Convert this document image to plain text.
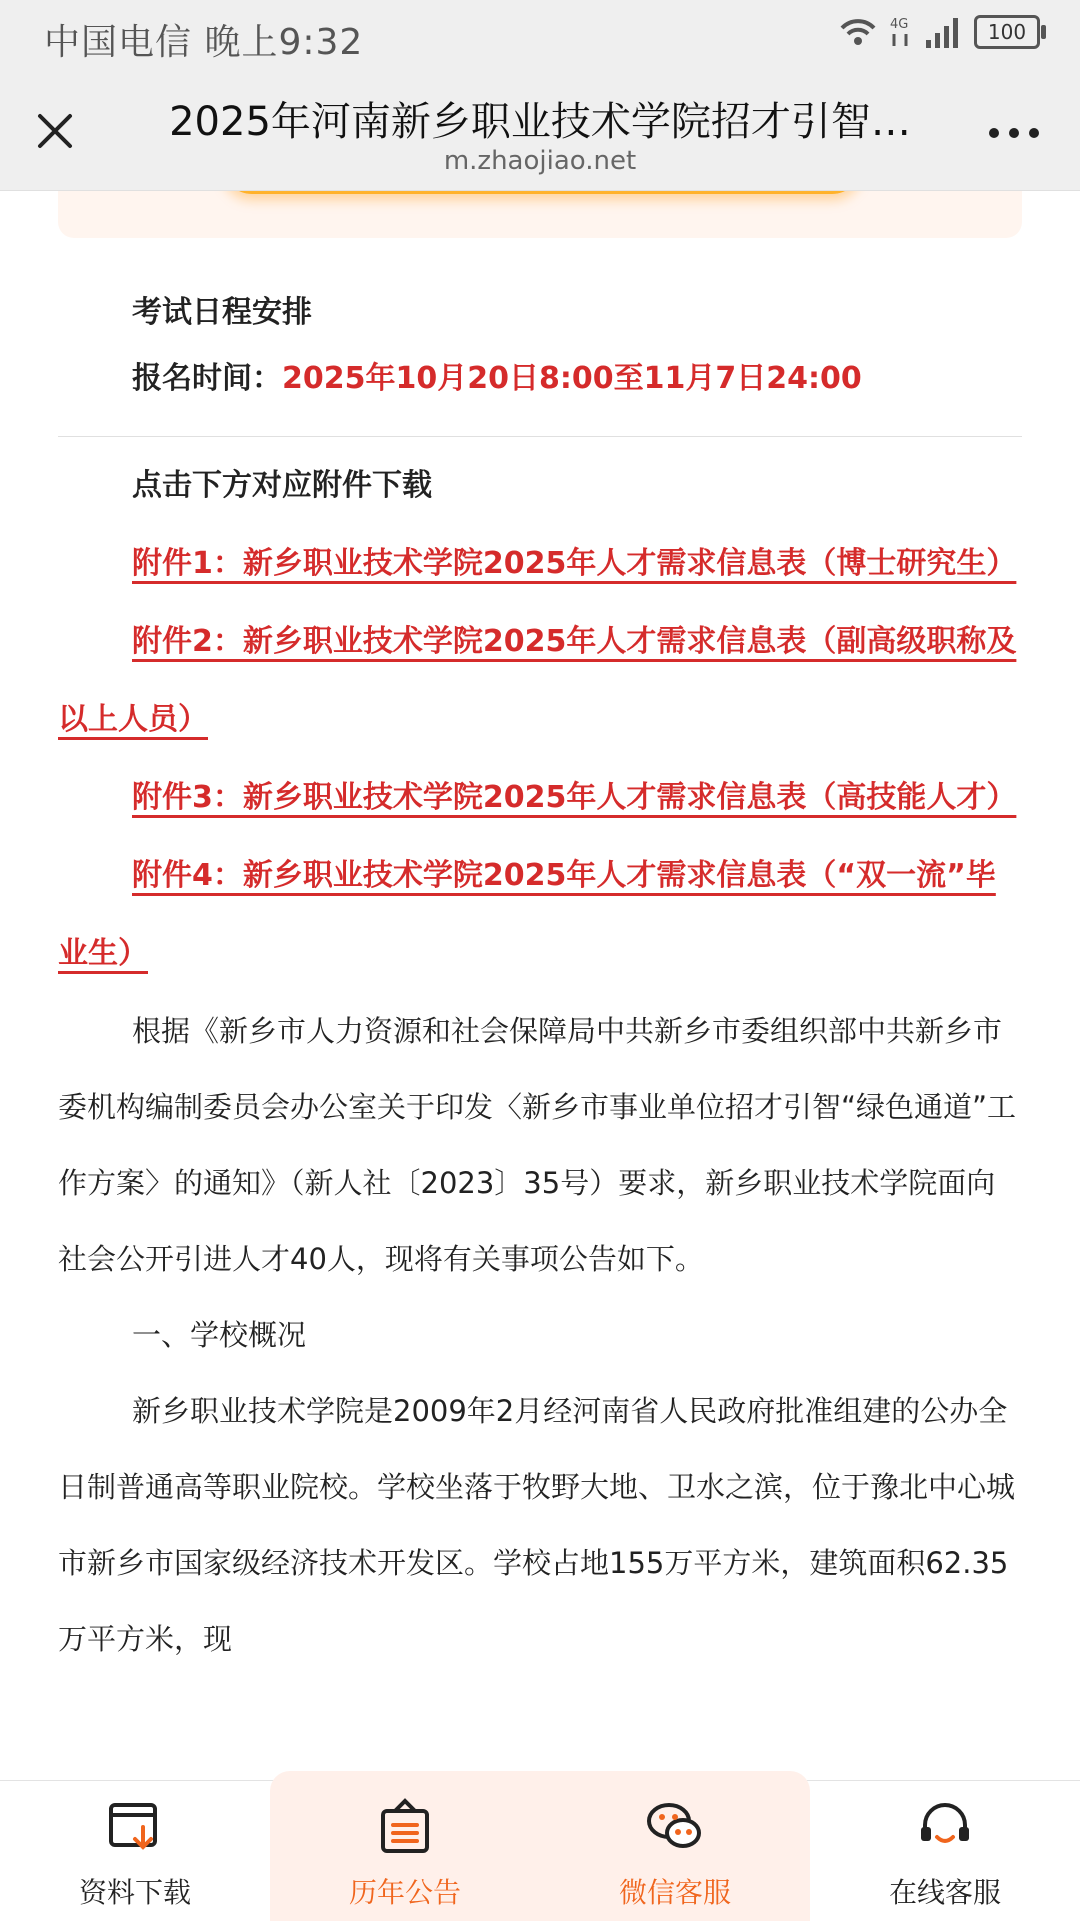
中国电信 晚上9:32	4G	100
2025年河南新乡职业技术学院招才引智…
m.zhaojiao.net

考试日程安排

报名时间：2025年10月20日8:00至11月7日24:00

点击下方对应附件下载

附件1：新乡职业技术学院2025年人才需求信息表（博士研究生）

附件2：新乡职业技术学院2025年人才需求信息表（副高级职称及以上人员）

附件3：新乡职业技术学院2025年人才需求信息表（高技能人才）

附件4：新乡职业技术学院2025年人才需求信息表（“双一流”毕业生）

根据《新乡市人力资源和社会保障局中共新乡市委组织部中共新乡市委机构编制委员会办公室关于印发〈新乡市事业单位招才引智“绿色通道”工作方案〉的通知》（新人社〔2023〕35号）要求，新乡职业技术学院面向社会公开引进人才40人，现将有关事项公告如下。

一、学校概况

新乡职业技术学院是2009年2月经河南省人民政府批准组建的公办全日制普通高等职业院校。学校坐落于牧野大地、卫水之滨，位于豫北中心城市新乡市国家级经济技术开发区。学校占地155万平方米，建筑面积62.35万平方米，现

资料下载	历年公告	微信客服	在线客服
